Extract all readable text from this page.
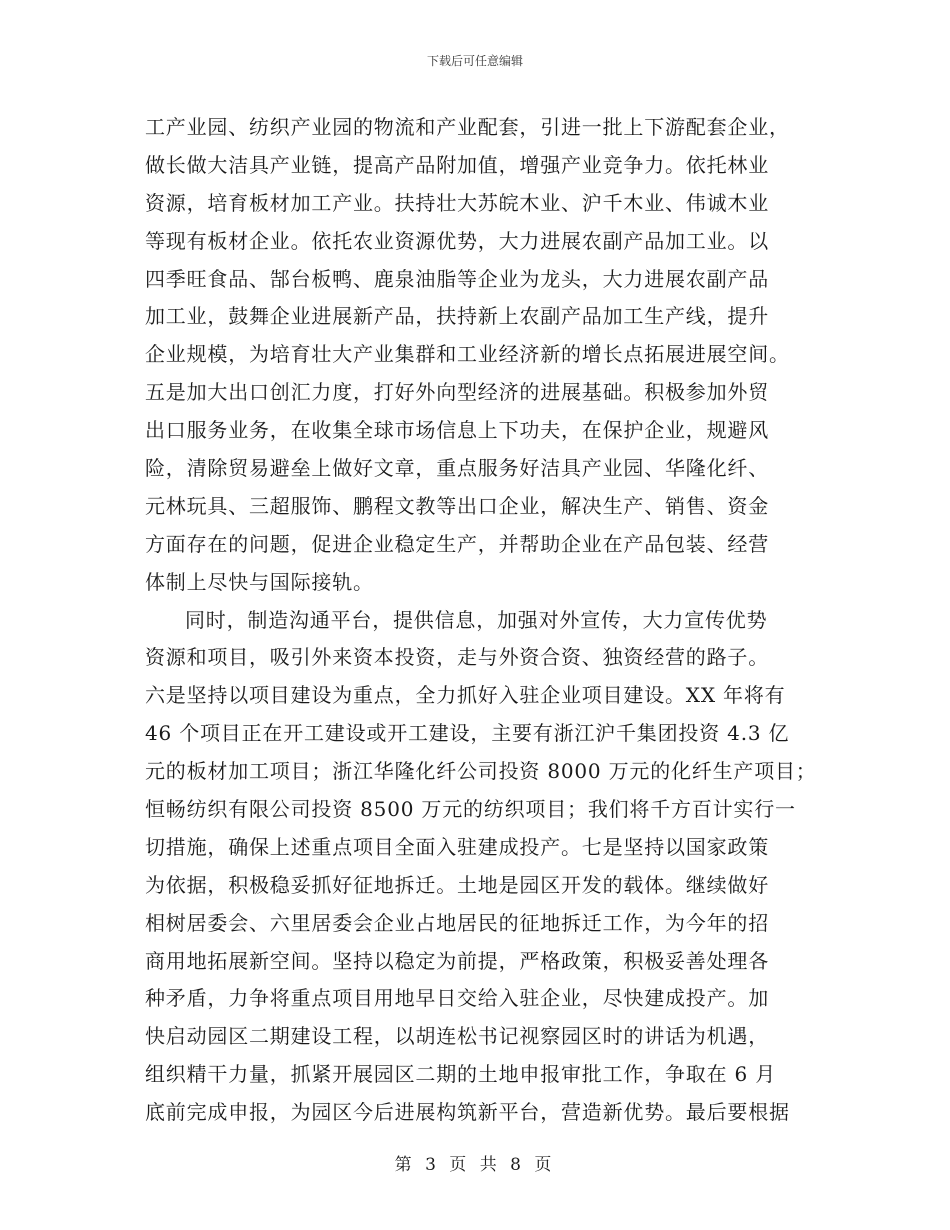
下载后可任意编辑
工产业园、纺织产业园的物流和产业配套，引进一批上下游配套企业，
做长做大洁具产业链，提高产品附加值，增强产业竞争力。依托林业
资源，培育板材加工产业。扶持壮大苏皖木业、沪千木业、伟诚木业
等现有板材企业。依托农业资源优势，大力进展农副产品加工业。以
四季旺食品、郜台板鸭、鹿泉油脂等企业为龙头，大力进展农副产品
加工业，鼓舞企业进展新产品，扶持新上农副产品加工生产线，提升
企业规模，为培育壮大产业集群和工业经济新的增长点拓展进展空间。
五是加大出口创汇力度，打好外向型经济的进展基础。积极参加外贸
出口服务业务，在收集全球市场信息上下功夫，在保护企业，规避风
险，清除贸易避垒上做好文章，重点服务好洁具产业园、华隆化纤、
元林玩具、三超服饰、鹏程文教等出口企业，解决生产、销售、资金
方面存在的问题，促进企业稳定生产，并帮助企业在产品包装、经营
体制上尽快与国际接轨。
同时，制造沟通平台，提供信息，加强对外宣传，大力宣传优势
资源和项目，吸引外来资本投资，走与外资合资、独资经营的路子。
六是坚持以项目建设为重点，全力抓好入驻企业项目建设。XX 年将有
46 个项目正在开工建设或开工建设，主要有浙江沪千集团投资 4.3 亿
元的板材加工项目；浙江华隆化纤公司投资 8000 万元的化纤生产项目；
恒畅纺织有限公司投资 8500 万元的纺织项目；我们将千方百计实行一
切措施，确保上述重点项目全面入驻建成投产。七是坚持以国家政策
为依据，积极稳妥抓好征地拆迁。土地是园区开发的载体。继续做好
相树居委会、六里居委会企业占地居民的征地拆迁工作，为今年的招
商用地拓展新空间。坚持以稳定为前提，严格政策，积极妥善处理各
种矛盾，力争将重点项目用地早日交给入驻企业，尽快建成投产。加
快启动园区二期建设工程，以胡连松书记视察园区时的讲话为机遇，
组织精干力量，抓紧开展园区二期的土地申报审批工作，争取在 6 月
底前完成申报，为园区今后进展构筑新平台，营造新优势。最后要根据
第 3 页 共 8 页
